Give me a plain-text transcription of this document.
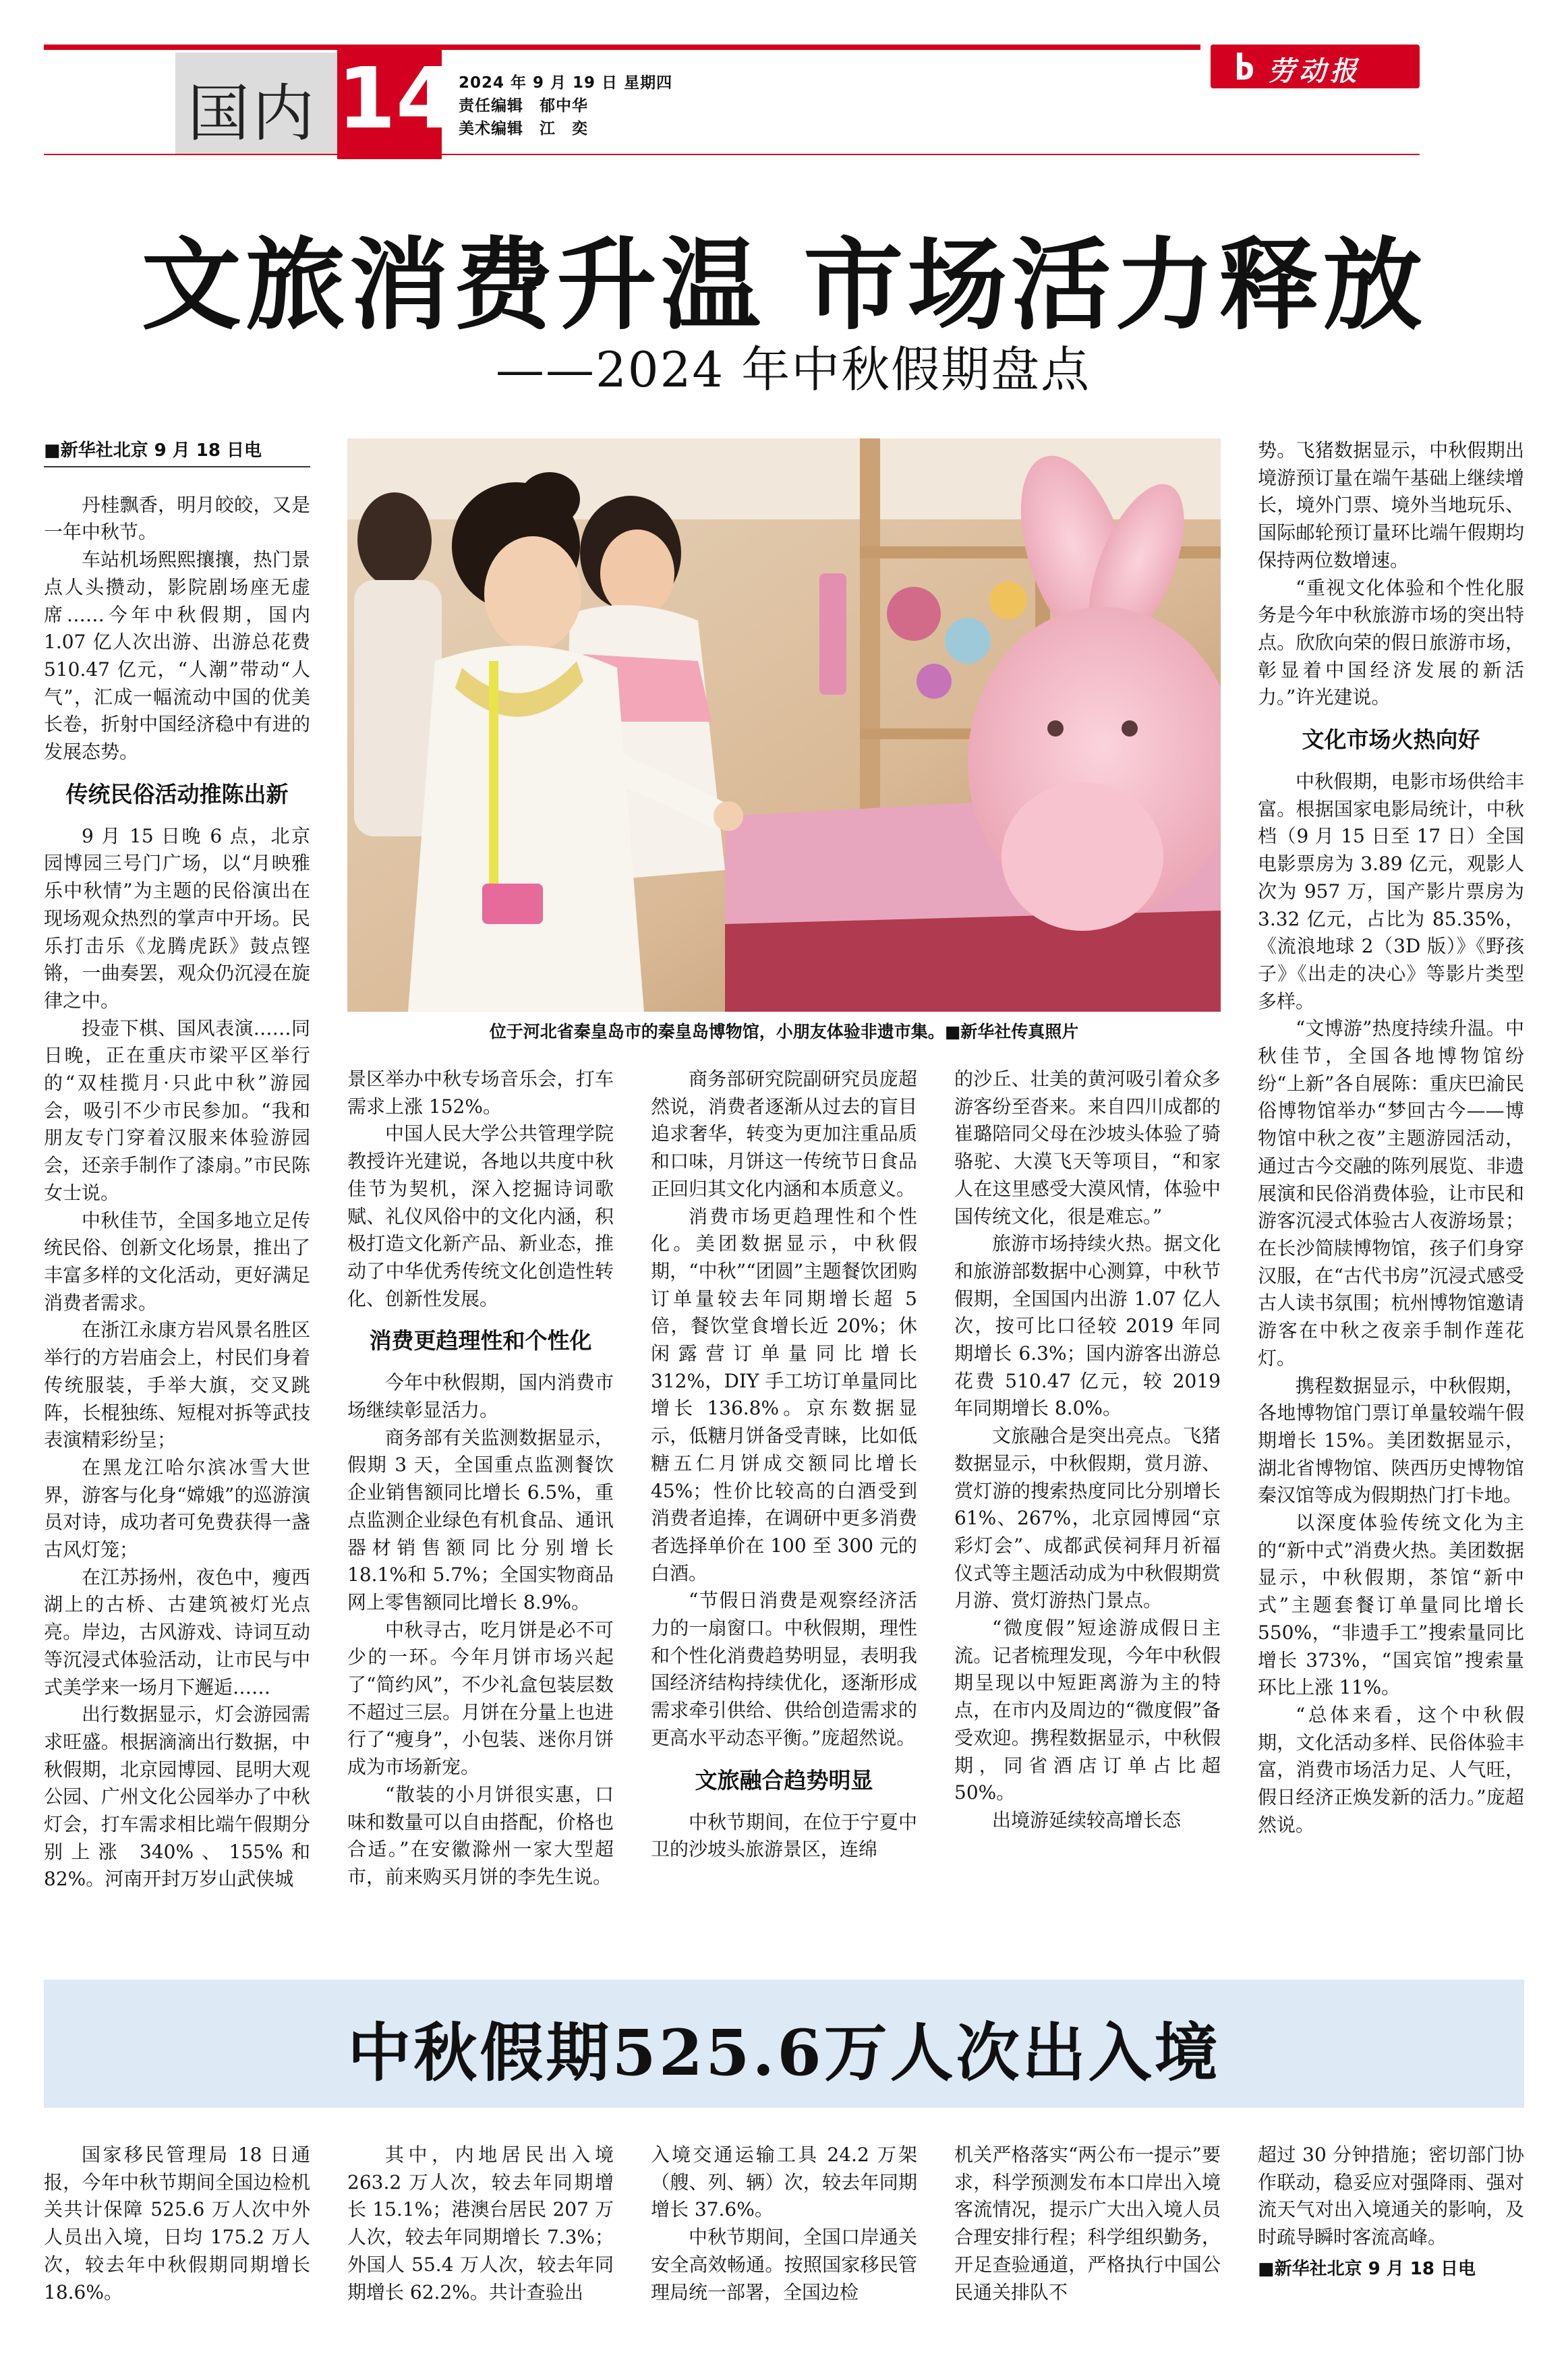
国内 14 2024 年 9 月 19 日 星期四
责任编辑　郁中华
美术编辑　江　奕
劳动报
文旅消费升温 市场活力释放
——2024 年中秋假期盘点

■新华社北京 9 月 18 日电

丹桂飘香，明月皎皎，又是一年中秋节。

车站机场熙熙攘攘，热门景点人头攒动，影院剧场座无虚席……今年中秋假期，国内 1.07 亿人次出游、出游总花费 510.47 亿元，“人潮”带动“人气”，汇成一幅流动中国的优美长卷，折射中国经济稳中有进的发展态势。

传统民俗活动推陈出新

9 月 15 日晚 6 点，北京园博园三号门广场，以“月映雅乐中秋情”为主题的民俗演出在现场观众热烈的掌声中开场。民乐打击乐《龙腾虎跃》鼓点铿锵，一曲奏罢，观众仍沉浸在旋律之中。

投壶下棋、国风表演……同日晚，正在重庆市梁平区举行的“双桂揽月·只此中秋”游园会，吸引不少市民参加。“我和朋友专门穿着汉服来体验游园会，还亲手制作了漆扇。”市民陈女士说。

中秋佳节，全国多地立足传统民俗、创新文化场景，推出了丰富多样的文化活动，更好满足消费者需求。

在浙江永康方岩风景名胜区举行的方岩庙会上，村民们身着传统服装，手举大旗，交叉跳阵，长棍独练、短棍对拆等武技表演精彩纷呈；

在黑龙江哈尔滨冰雪大世界，游客与化身“嫦娥”的巡游演员对诗，成功者可免费获得一盏古风灯笼；

在江苏扬州，夜色中，瘦西湖上的古桥、古建筑被灯光点亮。岸边，古风游戏、诗词互动等沉浸式体验活动，让市民与中式美学来一场月下邂逅……

出行数据显示，灯会游园需求旺盛。根据滴滴出行数据，中秋假期，北京园博园、昆明大观公园、广州文化公园举办了中秋灯会，打车需求相比端午假期分别上涨 340%、155%和 82%。河南开封万岁山武侠城

位于河北省秦皇岛市的秦皇岛博物馆，小朋友体验非遗市集。■新华社传真照片

景区举办中秋专场音乐会，打车需求上涨 152%。

中国人民大学公共管理学院教授许光建说，各地以共度中秋佳节为契机，深入挖掘诗词歌赋、礼仪风俗中的文化内涵，积极打造文化新产品、新业态，推动了中华优秀传统文化创造性转化、创新性发展。

消费更趋理性和个性化

今年中秋假期，国内消费市场继续彰显活力。

商务部有关监测数据显示，假期 3 天，全国重点监测餐饮企业销售额同比增长 6.5%，重点监测企业绿色有机食品、通讯器材销售额同比分别增长 18.1%和 5.7%；全国实物商品网上零售额同比增长 8.9%。

中秋寻古，吃月饼是必不可少的一环。今年月饼市场兴起了“简约风”，不少礼盒包装层数不超过三层。月饼在分量上也进行了“瘦身”，小包装、迷你月饼成为市场新宠。

“散装的小月饼很实惠，口味和数量可以自由搭配，价格也合适。”在安徽滁州一家大型超市，前来购买月饼的李先生说。

商务部研究院副研究员庞超然说，消费者逐渐从过去的盲目追求奢华，转变为更加注重品质和口味，月饼这一传统节日食品正回归其文化内涵和本质意义。

消费市场更趋理性和个性化。美团数据显示，中秋假期，“中秋”“团圆”主题餐饮团购订单量较去年同期增长超 5 倍，餐饮堂食增长近 20%；休闲露营订单量同比增长 312%，DIY 手工坊订单量同比增长 136.8%。京东数据显示，低糖月饼备受青睐，比如低糖五仁月饼成交额同比增长 45%；性价比较高的白酒受到消费者追捧，在调研中更多消费者选择单价在 100 至 300 元的白酒。

“节假日消费是观察经济活力的一扇窗口。中秋假期，理性和个性化消费趋势明显，表明我国经济结构持续优化，逐渐形成需求牵引供给、供给创造需求的更高水平动态平衡。”庞超然说。

文旅融合趋势明显

中秋节期间，在位于宁夏中卫的沙坡头旅游景区，连绵

的沙丘、壮美的黄河吸引着众多游客纷至沓来。来自四川成都的崔璐陪同父母在沙坡头体验了骑骆驼、大漠飞天等项目，“和家人在这里感受大漠风情，体验中国传统文化，很是难忘。”

旅游市场持续火热。据文化和旅游部数据中心测算，中秋节假期，全国国内出游 1.07 亿人次，按可比口径较 2019 年同期增长 6.3%；国内游客出游总花费 510.47 亿元，较 2019 年同期增长 8.0%。

文旅融合是突出亮点。飞猪数据显示，中秋假期，赏月游、赏灯游的搜索热度同比分别增长 61%、267%，北京园博园“京彩灯会”、成都武侯祠拜月祈福仪式等主题活动成为中秋假期赏月游、赏灯游热门景点。

“微度假”短途游成假日主流。记者梳理发现，今年中秋假期呈现以中短距离游为主的特点，在市内及周边的“微度假”备受欢迎。携程数据显示，中秋假期，同省酒店订单占比超 50%。

出境游延续较高增长态

势。飞猪数据显示，中秋假期出境游预订量在端午基础上继续增长，境外门票、境外当地玩乐、国际邮轮预订量环比端午假期均保持两位数增速。

“重视文化体验和个性化服务是今年中秋旅游市场的突出特点。欣欣向荣的假日旅游市场，彰显着中国经济发展的新活力。”许光建说。

文化市场火热向好

中秋假期，电影市场供给丰富。根据国家电影局统计，中秋档（9 月 15 日至 17 日）全国电影票房为 3.89 亿元，观影人次为 957 万，国产影片票房为 3.32 亿元，占比为 85.35%，《流浪地球 2（3D 版）》《野孩子》《出走的决心》等影片类型多样。

“文博游”热度持续升温。中秋佳节，全国各地博物馆纷纷“上新”各自展陈：重庆巴渝民俗博物馆举办“梦回古今——博物馆中秋之夜”主题游园活动，通过古今交融的陈列展览、非遗展演和民俗消费体验，让市民和游客沉浸式体验古人夜游场景；在长沙简牍博物馆，孩子们身穿汉服，在“古代书房”沉浸式感受古人读书氛围；杭州博物馆邀请游客在中秋之夜亲手制作莲花灯。

携程数据显示，中秋假期，各地博物馆门票订单量较端午假期增长 15%。美团数据显示，湖北省博物馆、陕西历史博物馆秦汉馆等成为假期热门打卡地。

以深度体验传统文化为主的“新中式”消费火热。美团数据显示，中秋假期，茶馆“新中式”主题套餐订单量同比增长 550%，“非遗手工”搜索量同比增长 373%，“国宾馆”搜索量环比上涨 11%。

“总体来看，这个中秋假期，文化活动多样、民俗体验丰富，消费市场活力足、人气旺，假日经济正焕发新的活力。”庞超然说。

中秋假期525.6万人次出入境

国家移民管理局 18 日通报，今年中秋节期间全国边检机关共计保障 525.6 万人次中外人员出入境，日均 175.2 万人次，较去年中秋假期同期增长 18.6%。

其中，内地居民出入境 263.2 万人次，较去年同期增长 15.1%；港澳台居民 207 万人次，较去年同期增长 7.3%；外国人 55.4 万人次，较去年同期增长 62.2%。共计查验出

入境交通运输工具 24.2 万架（艘、列、辆）次，较去年同期增长 37.6%。

中秋节期间，全国口岸通关安全高效畅通。按照国家移民管理局统一部署，全国边检

机关严格落实“两公布一提示”要求，科学预测发布本口岸出入境客流情况，提示广大出入境人员合理安排行程；科学组织勤务，开足查验通道，严格执行中国公民通关排队不

超过 30 分钟措施；密切部门协作联动，稳妥应对强降雨、强对流天气对出入境通关的影响，及时疏导瞬时客流高峰。

■新华社北京 9 月 18 日电
